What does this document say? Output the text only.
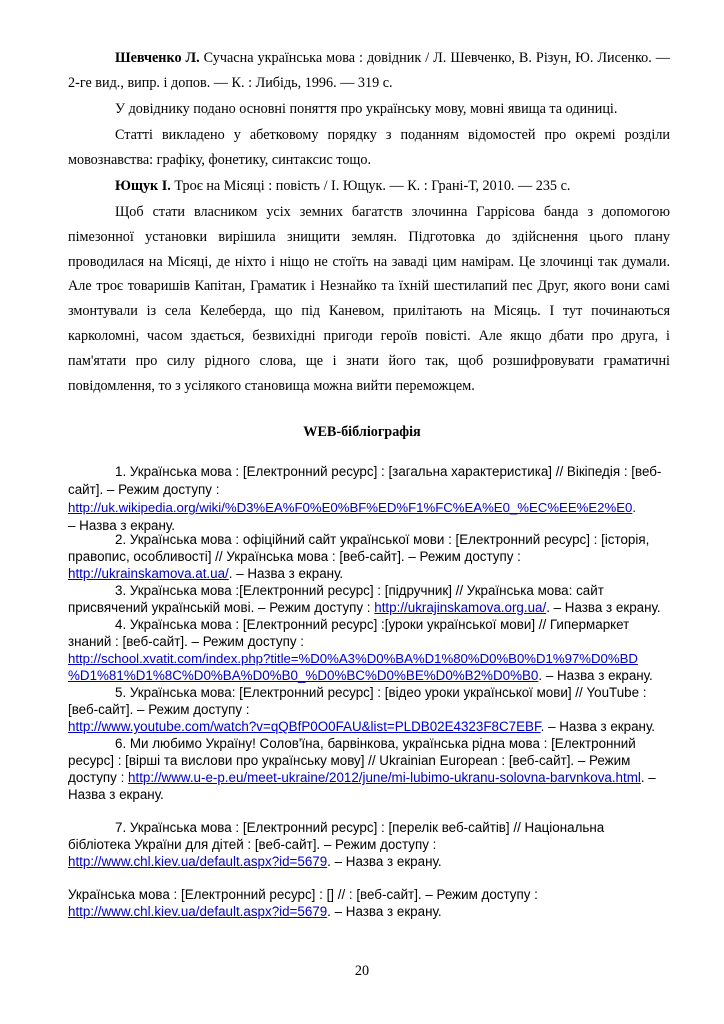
Шевченко Л. Сучасна українська мова : довідник / Л. Шевченко, В. Різун, Ю. Лисенко. — 2-ге вид., випр. і допов. — К. : Либідь, 1996. — 319 с.
У довіднику подано основні поняття про українську мову, мовні явища та одиниці.
Статті викладено у абетковому порядку з поданням відомостей про окремі розділи мовознавства: графіку, фонетику, синтаксис тощо.
Ющук І. Троє на Місяці : повість / І. Ющук. — К. : Грані-Т, 2010. — 235 с.
Щоб стати власником усіх земних багатств злочинна Гаррісова банда з допомогою пімезонної установки вирішила знищити землян. Підготовка до здійснення цього плану проводилася на Місяці, де ніхто і ніщо не стоїть на заваді цим намірам. Це злочинці так думали. Але троє товаришів Капітан, Граматик і Незнайко та їхній шестилапий пес Друг, якого вони самі змонтували із села Келеберда, що під Каневом, прилітають на Місяць. І тут починаються карколомні, часом здається, безвихідні пригоди героїв повісті. Але якщо дбати про друга, і пам'ятати про силу рідного слова, ще і знати його так, щоб розшифровувати граматичні повідомлення, то з усілякого становища можна вийти переможцем.
WEB-бібліографія
1. Українська мова : [Електронний ресурс] : [загальна характеристика] // Вікіпедія : [веб-
сайт]. – Режим доступу :
http://uk.wikipedia.org/wiki/%D3%EA%F0%E0%BF%ED%F1%FC%EA%E0_%EC%EE%E2%E0.
– Назва з екрану.
2. Українська мова : офіційний сайт української мови : [Електронний ресурс] : [історія,
правопис, особливості] // Українська мова : [веб-сайт]. – Режим доступу :
http://ukrainskamova.at.ua/. – Назва з екрану.
3. Українська мова :[Електронний ресурс] : [підручник] // Українська мова: сайт
присвячений українській мові. – Режим доступу : http://ukrajinskamova.org.ua/. – Назва з екрану.
4. Українська мова : [Електронний ресурс] :[уроки української мови] // Гипермаркет
знаний : [веб-сайт]. – Режим доступу :
http://school.xvatit.com/index.php?title=%D0%A3%D0%BA%D1%80%D0%B0%D1%97%D0%BD
%D1%81%D1%8C%D0%BA%D0%B0_%D0%BC%D0%BE%D0%B2%D0%B0. – Назва з екрану.
5. Українська мова: [Електронний ресурс] : [відео уроки української мови] // YouTube :
[веб-сайт]. – Режим доступу :
http://www.youtube.com/watch?v=qQBfP0O0FAU&list=PLDB02E4323F8C7EBF. – Назва з екрану.
6. Ми любимо Україну! Солов'їна, барвінкова, українська рідна мова : [Електронний
ресурс] : [вірші та вислови про українську мову] // Ukrainian European : [веб-сайт]. – Режим
доступу : http://www.u-e-p.eu/meet-ukraine/2012/june/mi-lubimo-ukranu-solovna-barvnkova.html. –
Назва з екрану.
7. Українська мова : [Електронний ресурс] : [перелік веб-сайтів] // Національна
бібліотека України для дітей : [веб-сайт]. – Режим доступу :
http://www.chl.kiev.ua/default.aspx?id=5679. – Назва з екрану.
Українська мова : [Електронний ресурс] : [] // : [веб-сайт]. – Режим доступу :
http://www.chl.kiev.ua/default.aspx?id=5679. – Назва з екрану.
20
